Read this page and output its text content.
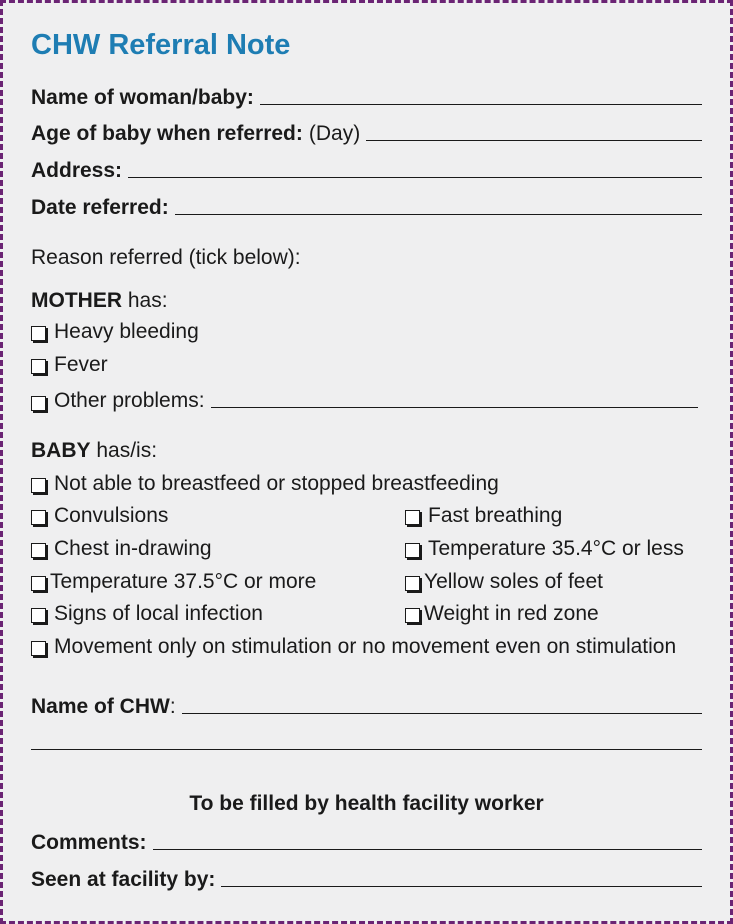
CHW Referral Note
Name of woman/baby:
Age of baby when referred: (Day)
Address:
Date referred:
Reason referred (tick below):
MOTHER has:
Heavy bleeding
Fever
Other problems:
BABY has/is:
Not able to breastfeed or stopped breastfeeding
Convulsions	Fast breathing
Chest in-drawing	Temperature 35.4°C or less
Temperature 37.5°C or more	Yellow soles of feet
Signs of local infection	Weight in red zone
Movement only on stimulation or no movement even on stimulation
Name of CHW :
To be filled by health facility worker
Comments:
Seen at facility by:
